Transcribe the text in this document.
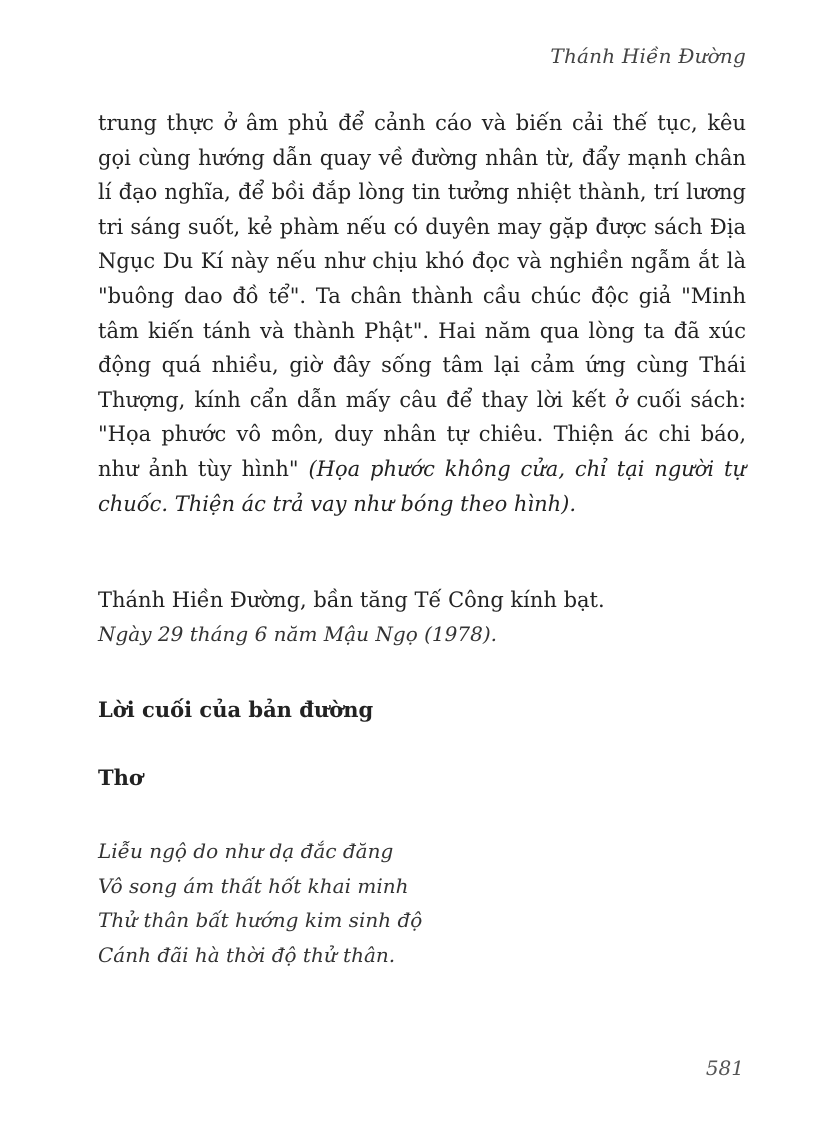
Thánh Hiền Đường

trung thực ở âm phủ để cảnh cáo và biến cải thế tục, kêu gọi cùng hướng dẫn quay về đường nhân từ, đẩy mạnh chân lí đạo nghĩa, để bồi đắp lòng tin tưởng nhiệt thành, trí lương tri sáng suốt, kẻ phàm nếu có duyên may gặp được sách Địa Ngục Du Kí này nếu như chịu khó đọc và nghiền ngẫm ắt là "buông dao đồ tể". Ta chân thành cầu chúc độc giả "Minh tâm kiến tánh và thành Phật". Hai năm qua lòng ta đã xúc động quá nhiều, giờ đây sống tâm lại cảm ứng cùng Thái Thượng, kính cẩn dẫn mấy câu để thay lời kết ở cuối sách: "Họa phước vô môn, duy nhân tự chiêu. Thiện ác chi báo, như ảnh tùy hình" (Họa phước không cửa, chỉ tại người tự chuốc. Thiện ác trả vay như bóng theo hình).

Thánh Hiền Đường, bần tăng Tế Công kính bạt.
Ngày 29 tháng 6 năm Mậu Ngọ (1978).
Lời cuối của bản đường
Thơ
Liễu ngộ do như dạ đắc đăng
Vô song ám thất hốt khai minh
Thử thân bất hướng kim sinh độ
Cánh đãi hà thời độ thử thân.
581
